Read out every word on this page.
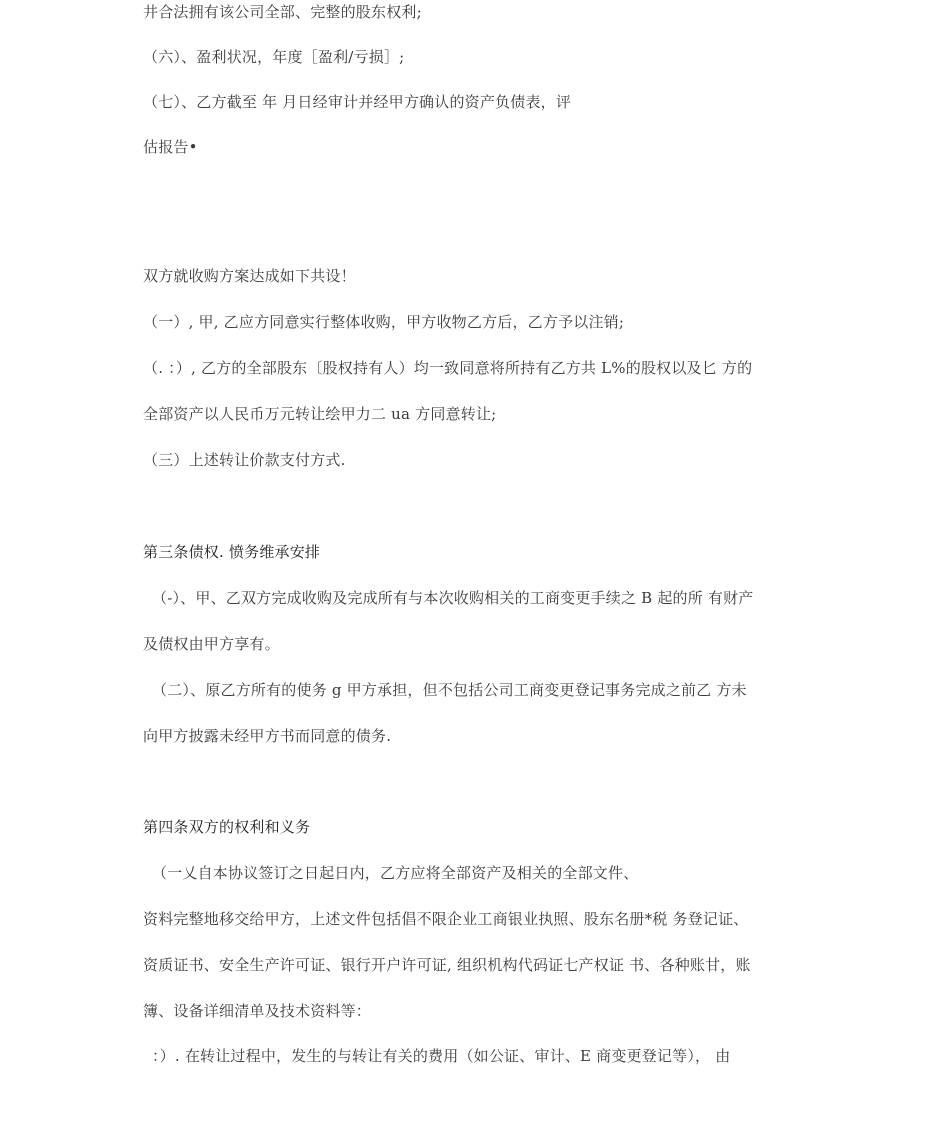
井合法拥有该公司全部、完整的股东权利;
（六）、盈利状况，年度［盈利/亏损］;
（七）、乙方截至 年 月日经审计并经甲方确认的资产负债表，评
估报告•
双方就收购方案达成如下共设！
（一）, 甲, 乙应方同意实行整体收购，甲方收物乙方后，乙方予以注销;
（. ：）, 乙方的全部股东〔股权持有人）均一致同意将所持有乙方共 L%的股权以及匕 方的
全部资产以人民币万元转让绘甲力二 ua 方同意转让;
（三）上述转让价款支付方式.
第三条债权. 愤务维承安排
（-）、甲、乙双方完成收购及完成所有与本次收购相关的工商变更手续之 B 起的所 有财产
及债权由甲方享有。
（二）、原乙方所有的使务 g 甲方承担，但不包括公司工商变更登记事务完成之前乙 方未
向甲方披露未经甲方书而同意的债务.
第四条双方的权利和义务
（一乂自本协议签订之日起日内，乙方应将全部资产及相关的全部文件、
资料完整地移交给甲方，上述文件包括倡不限企业工商银业执照、股东名册*税 务登记证、
资质证书、安全生产许可证、银行开户许可证, 组织机构代码证七产权证 书、各种账甘，账
簿、设备详细清单及技术资料等：
：）. 在转让过程中，发生的与转让有关的费用（如公证、审计、E 商变更登记等）， 由
